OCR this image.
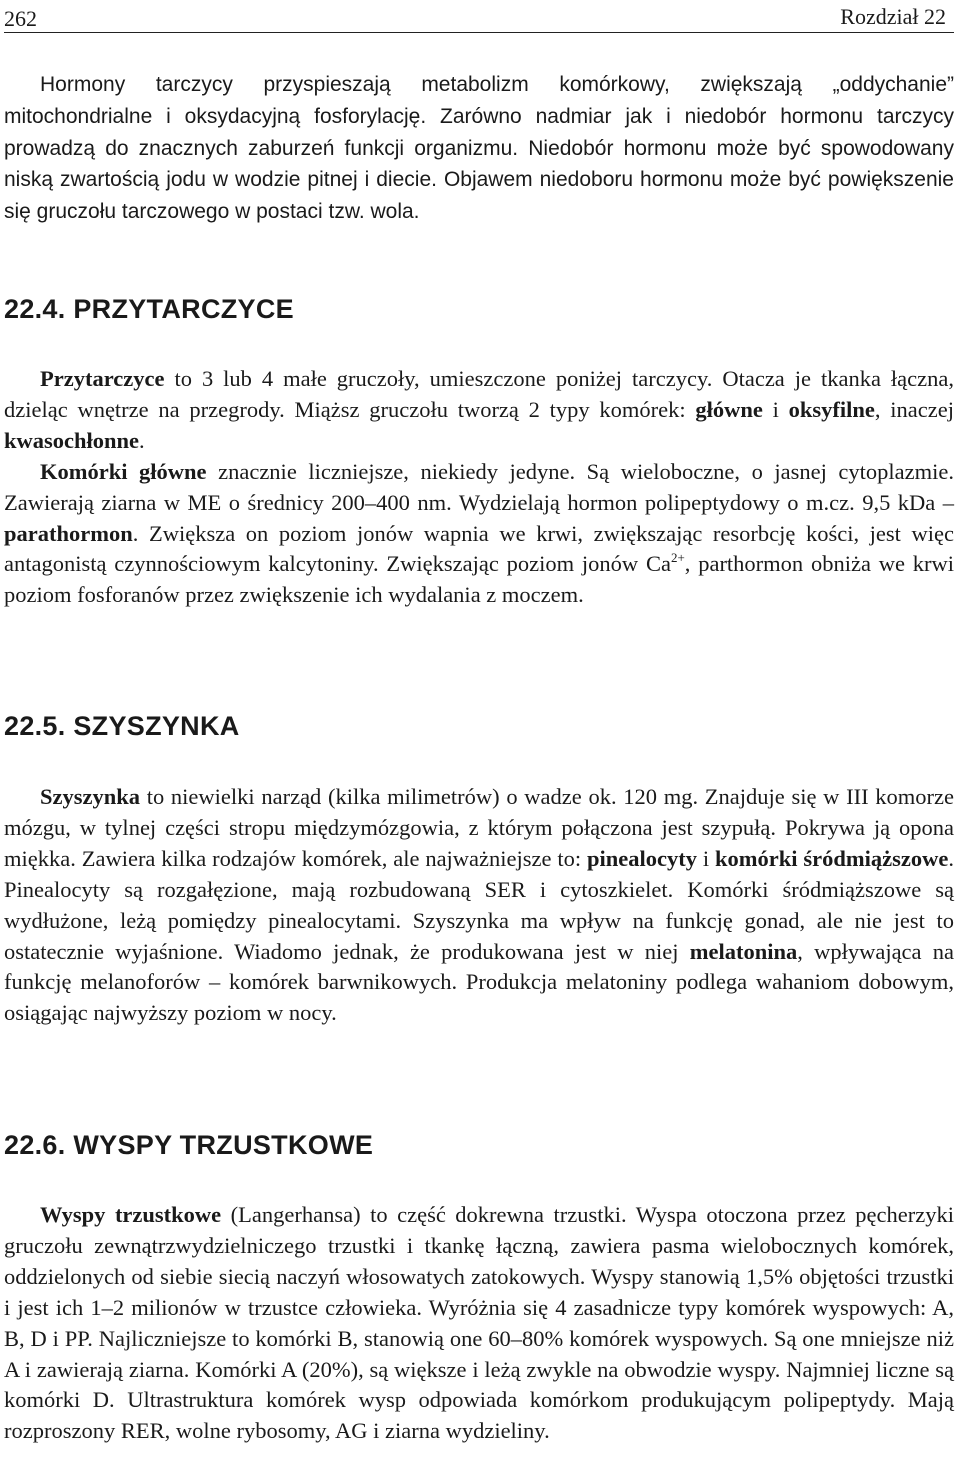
262	Rozdział 22

Hormony tarczycy przyspieszają metabolizm komórkowy, zwiększają „oddychanie” mitochondrialne i oksydacyjną fosforylację. Zarówno nadmiar jak i niedobór hormonu tarczycy prowadzą do znacznych zaburzeń funkcji organizmu. Niedobór hormonu może być spowodowany niską zwartością jodu w wodzie pitnej i diecie. Objawem niedoboru hormonu może być powiększenie się gruczołu tarczowego w postaci tzw. wola.

22.4. PRZYTARCZYCE

Przytarczyce to 3 lub 4 małe gruczoły, umieszczone poniżej tarczycy. Otacza je tkanka łączna, dzieląc wnętrze na przegrody. Miąższ gruczołu tworzą 2 typy komórek: główne i oksyfilne, inaczej kwasochłonne.

Komórki główne znacznie liczniejsze, niekiedy jedyne. Są wieloboczne, o jasnej cytoplazmie. Zawierają ziarna w ME o średnicy 200–400 nm. Wydzielają hormon polipeptydowy o m.cz. 9,5 kDa – parathormon. Zwiększa on poziom jonów wapnia we krwi, zwiększając resorbcję kości, jest więc antagonistą czynnościowym kalcytoniny. Zwiększając poziom jonów $Ca^{2+}$, parthormon obniża we krwi poziom fosforanów przez zwiększenie ich wydalania z moczem.

22.5. SZYSZYNKA

Szyszynka to niewielki narząd (kilka milimetrów) o wadze ok. 120 mg. Znajduje się w III komorze mózgu, w tylnej części stropu międzymózgowia, z którym połączona jest szypułą. Pokrywa ją opona miękka. Zawiera kilka rodzajów komórek, ale najważniejsze to: pinealocyty i komórki śródmiąższowe. Pinealocyty są rozgałęzione, mają rozbudowaną SER i cytoszkielet. Komórki śródmiąższowe są wydłużone, leżą pomiędzy pinealocytami. Szyszynka ma wpływ na funkcję gonad, ale nie jest to ostatecznie wyjaśnione. Wiadomo jednak, że produkowana jest w niej melatonina, wpływająca na funkcję melanoforów – komórek barwnikowych. Produkcja melatoniny podlega wahaniom dobowym, osiągając najwyższy poziom w nocy.

22.6. WYSPY TRZUSTKOWE

Wyspy trzustkowe (Langerhansa) to część dokrewna trzustki. Wyspa otoczona przez pęcherzyki gruczołu zewnątrzwydzielniczego trzustki i tkankę łączną, zawiera pasma wielobocznych komórek, oddzielonych od siebie siecią naczyń włosowatych zatokowych. Wyspy stanowią 1,5% objętości trzustki i jest ich 1–2 milionów w trzustce człowieka. Wyróżnia się 4 zasadnicze typy komórek wyspowych: A, B, D i PP. Najliczniejsze to komórki B, stanowią one 60–80% komórek wyspowych. Są one mniejsze niż A i zawierają ziarna. Komórki A (20%), są większe i leżą zwykle na obwodzie wyspy. Najmniej liczne są komórki D. Ultrastruktura komórek wysp odpowiada komórkom produkującym polipeptydy. Mają rozproszony RER, wolne rybosomy, AG i ziarna wydzieliny.
